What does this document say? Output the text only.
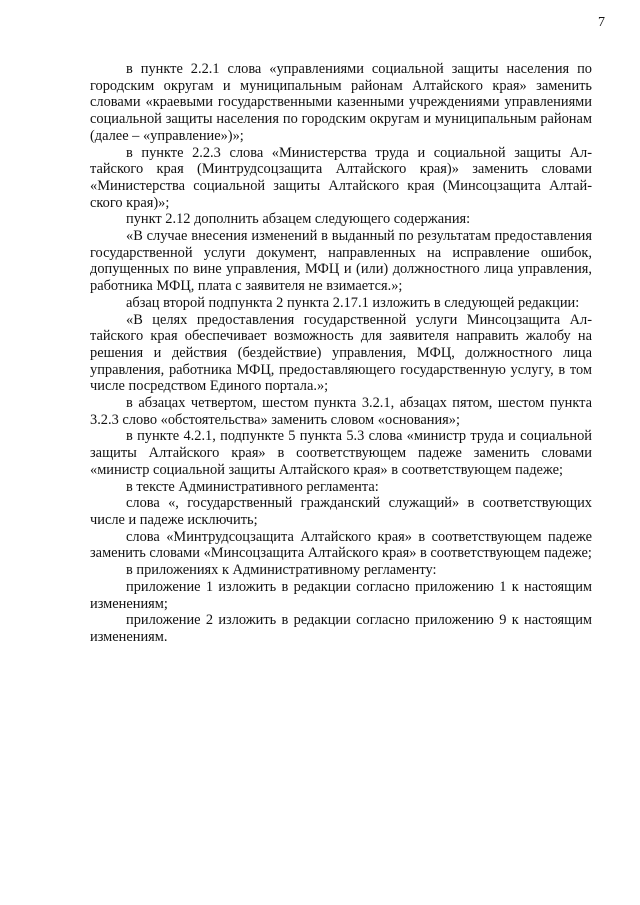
7

в пункте 2.2.1 слова «управлениями социальной защиты населения по городским округам и муниципальным районам Алтайского края» заменить словами «краевыми государственными казенными учреждениями управлениями социальной защиты населения по городским округам и муниципальным районам (далее – «управление»)»;

в пункте 2.2.3 слова «Министерства труда и социальной защиты Алтайского края (Минтрудсоцзащита Алтайского края)» заменить словами «Министерства социальной защиты Алтайского края (Минсоцзащита Алтайского края)»;

пункт 2.12 дополнить абзацем следующего содержания:

«В случае внесения изменений в выданный по результатам предоставления государственной услуги документ, направленных на исправление ошибок, допущенных по вине управления, МФЦ и (или) должностного лица управления, работника МФЦ, плата с заявителя не взимается.»;

абзац второй подпункта 2 пункта 2.17.1 изложить в следующей редакции:

«В целях предоставления государственной услуги Минсоцзащита Алтайского края обеспечивает возможность для заявителя направить жалобу на решения и действия (бездействие) управления, МФЦ, должностного лица управления, работника МФЦ, предоставляющего государственную услугу, в том числе посредством Единого портала.»;

в абзацах четвертом, шестом пункта 3.2.1, абзацах пятом, шестом пункта 3.2.3 слово «обстоятельства» заменить словом «основания»;

в пункте 4.2.1, подпункте 5 пункта 5.3 слова «министр труда и социальной защиты Алтайского края» в соответствующем падеже заменить словами «министр социальной защиты Алтайского края» в соответствующем падеже;

в тексте Административного регламента:

слова «, государственный гражданский служащий» в соответствующих числе и падеже исключить;

слова «Минтрудсоцзащита Алтайского края» в соответствующем падеже заменить словами «Минсоцзащита Алтайского края» в соответствующем падеже;

в приложениях к Административному регламенту:

приложение 1 изложить в редакции согласно приложению 1 к настоящим изменениям;

приложение 2 изложить в редакции согласно приложению 9 к настоящим изменениям.
